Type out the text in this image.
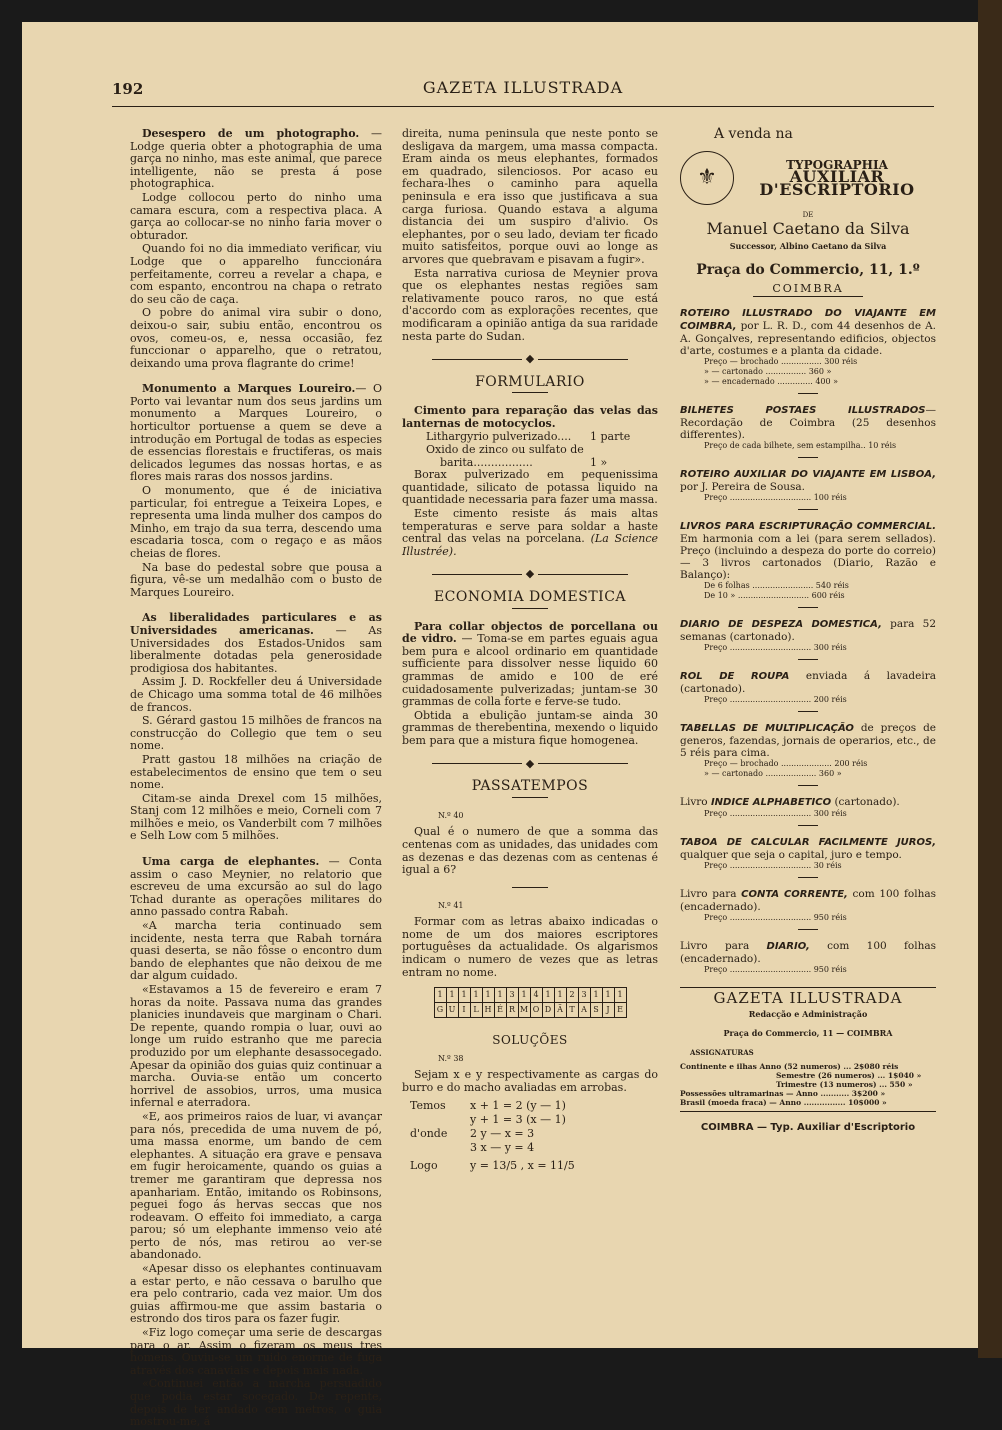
192	GAZETA ILLUSTRADA

Desespero de um photographo. — Lodge queria obter a photographia de uma garça no ninho, mas este animal, que parece intelligente, não se presta á pose photographica.

Lodge collocou perto do ninho uma camara escura, com a respectiva placa. A garça ao collocar-se no ninho faria mover o obturador.

Quando foi no dia immediato verificar, viu Lodge que o apparelho funccionára perfeitamente, correu a revelar a chapa, e com espanto, encontrou na chapa o retrato do seu cão de caça.

O pobre do animal vira subir o dono, deixou-o sair, subiu então, encontrou os ovos, comeu-os, e, nessa occasião, fez funccionar o apparelho, que o retratou, deixando uma prova flagrante do crime!

Monumento a Marques Loureiro.— O Porto vai levantar num dos seus jardins um monumento a Marques Loureiro, o horticultor portuense a quem se deve a introdução em Portugal de todas as especies de essencias florestais e fructiferas, os mais delicados legumes das nossas hortas, e as flores mais raras dos nossos jardins.

O monumento, que é de iniciativa particular, foi entregue a Teixeira Lopes, e representa uma linda mulher dos campos do Minho, em trajo da sua terra, descendo uma escadaria tosca, com o regaço e as mãos cheias de flores.

Na base do pedestal sobre que pousa a figura, vê-se um medalhão com o busto de Marques Loureiro.

As liberalidades particulares e as Universidades americanas. — As Universidades dos Estados-Unidos sam liberalmente dotadas pela generosidade prodigiosa dos habitantes.

Assim J. D. Rockfeller deu á Universidade de Chicago uma somma total de 46 milhões de francos.

S. Gérard gastou 15 milhões de francos na construcção do Collegio que tem o seu nome.

Pratt gastou 18 milhões na criação de estabelecimentos de ensino que tem o seu nome.

Citam-se ainda Drexel com 15 milhões, Stanj com 12 milhões e meio, Corneli com 7 milhões e meio, os Vanderbilt com 7 milhões e Selh Low com 5 milhões.

Uma carga de elephantes. — Conta assim o caso Meynier, no relatorio que escreveu de uma excursão ao sul do lago Tchad durante as operações militares do anno passado contra Rabah.

«A marcha teria continuado sem incidente, nesta terra que Rabah tornára quasi deserta, se não fôsse o encontro dum bando de elephantes que não deixou de me dar algum cuidado.

«Estavamos a 15 de fevereiro e eram 7 horas da noite. Passava numa das grandes planicies inundaveis que marginam o Chari. De repente, quando rompia o luar, ouvi ao longe um ruido estranho que me parecia produzido por um elephante desassocegado. Apesar da opinião dos guias quiz continuar a marcha. Ouvia-se então um concerto horrivel de assobios, urros, uma musica infernal e aterradora.

«E, aos primeiros raios de luar, vi avançar para nós, precedida de uma nuvem de pó, uma massa enorme, um bando de cem elephantes. A situação era grave e pensava em fugir heroicamente, quando os guias a tremer me garantiram que depressa nos apanhariam. Então, imitando os Robinsons, peguei fogo ás hervas seccas que nos rodeavam. O effeito foi immediato, a carga parou; só um elephante immenso veio até perto de nós, mas retirou ao ver-se abandonado.

«Apesar disso os elephantes continuavam a estar perto, e não cessava o barulho que era pelo contrario, cada vez maior. Um dos guias affirmou-me que assim bastaria o estrondo dos tiros para os fazer fugir.

«Fiz logo começar uma serie de descargas para o ar. Assim o fizeram os meus tres homens. Ouviu-se um ruido enorme de fuga através dos canaviais e depois mais nada.

«Continuei então a marcha persuadido que podia estar socegado. De repente, depois de ter andado cem metros, o guia mostrou-me, á

direita, numa peninsula que neste ponto se desligava da margem, uma massa compacta. Eram ainda os meus elephantes, formados em quadrado, silenciosos. Por acaso eu fechara-lhes o caminho para aquella peninsula e era isso que justificava a sua carga furiosa. Quando estava a alguma distancia dei um suspiro d'alivio. Os elephantes, por o seu lado, deviam ter ficado muito satisfeitos, porque ouvi ao longe as arvores que quebravam e pisavam a fugir».

Esta narrativa curiosa de Meynier prova que os elephantes nestas regiões sam relativamente pouco raros, no que está d'accordo com as explorações recentes, que modificaram a opinião antiga da sua raridade nesta parte do Sudan.

◆
FORMULARIO

Cimento para reparação das velas das lanternas de motocyclos.

Lithargyrio pulverizado....	1 parte
Oxido de zinco ou sulfato de
barita.................	1 »

Borax pulverizado em pequenissima quantidade, silicato de potassa liquido na quantidade necessaria para fazer uma massa.

Este cimento resiste ás mais altas temperaturas e serve para soldar a haste central das velas na porcelana. (La Science Illustrée).

◆
ECONOMIA DOMESTICA

Para collar objectos de porcellana ou de vidro. — Toma-se em partes eguais agua bem pura e alcool ordinario em quantidade sufficiente para dissolver nesse liquido 60 grammas de amido e 100 de eré cuidadosamente pulverizadas; juntam-se 30 grammas de colla forte e ferve-se tudo.

Obtida a ebulição juntam-se ainda 30 grammas de therebentina, mexendo o liquido bem para que a mistura fique homogenea.

◆
PASSATEMPOS
N.º 40

Qual é o numero de que a somma das centenas com as unidades, das unidades com as dezenas e das dezenas com as centenas é igual a 6?

N.º 41

Formar com as letras abaixo indicadas o nome de um dos maiores escriptores portuguêses da actualidade. Os algarismos indicam o numero de vezes que as letras entram no nome.

1	1	1	1	1	1	3	1	4	1	1	2	3	1	1	1
G	U	I	L	H	É	R	M	O	D	Ã	T	A	S	J	E
SOLUÇÕES
N.º 38

Sejam x e y respectivamente as cargas do burro e do macho avaliadas em arrobas.

Temos	x + 1 = 2 (y — 1)
y + 1 = 3 (x — 1)
d'onde	2 y — x = 3
3 x — y = 4
Logo	y = 13/5 , x = 11/5
A venda na
⚜	TYPOGRAPHIA
AUXILIAR D'ESCRIPTORIO
DE
Manuel Caetano da Silva
Successor, Albino Caetano da Silva
Praça do Commercio, 11, 1.º
COIMBRA
ROTEIRO ILLUSTRADO DO VIAJANTE EM COIMBRA, por L. R. D., com 44 desenhos de A. A. Gonçalves, representando edificios, objectos d'arte, costumes e a planta da cidade.
Preço — brochado ................ 300 réis
» — cartonado ................ 360 »
» — encadernado .............. 400 »
BILHETES POSTAES ILLUSTRADOS—Recordação de Coimbra (25 desenhos differentes).
Preço de cada bilhete, sem estampilha.. 10 réis
ROTEIRO AUXILIAR DO VIAJANTE EM LISBOA, por J. Pereira de Sousa.
Preço ................................ 100 réis
LIVROS PARA ESCRIPTURAÇÃO COMMERCIAL. Em harmonia com a lei (para serem sellados). Preço (incluindo a despeza do porte do correio) — 3 livros cartonados (Diario, Razão e Balanço):
De 6 folhas ........................ 540 réis
De 10 » ............................ 600 réis
DIARIO DE DESPEZA DOMESTICA, para 52 semanas (cartonado).
Preço ................................ 300 réis
ROL DE ROUPA enviada á lavadeira (cartonado).
Preço ................................ 200 réis
TABELLAS DE MULTIPLICAÇÃO de preços de generos, fazendas, jornais de operarios, etc., de 5 réis para cima.
Preço — brochado .................... 200 réis
» — cartonado .................... 360 »
Livro INDICE ALPHABETICO (cartonado).
Preço ................................ 300 réis
TABOA DE CALCULAR FACILMENTE JUROS, qualquer que seja o capital, juro e tempo.
Preço ................................ 30 réis
Livro para CONTA CORRENTE, com 100 folhas (encadernado).
Preço ................................ 950 réis
Livro para DIARIO, com 100 folhas (encadernado).
Preço ................................ 950 réis
GAZETA ILLUSTRADA
Redacção e Administração
Praça do Commercio, 11 — COIMBRA
ASSIGNATURAS
Continente e ilhas Anno (52 numeros) ... 2$080 réis
Semestre (26 numeros) ... 1$040 »
Trimestre (13 numeros) ... 550 »
Possessões ultramarinas — Anno ........... 3$200 »
Brasil (moeda fraca) — Anno ................ 10$000 »
COIMBRA — Typ. Auxiliar d'Escriptorio
